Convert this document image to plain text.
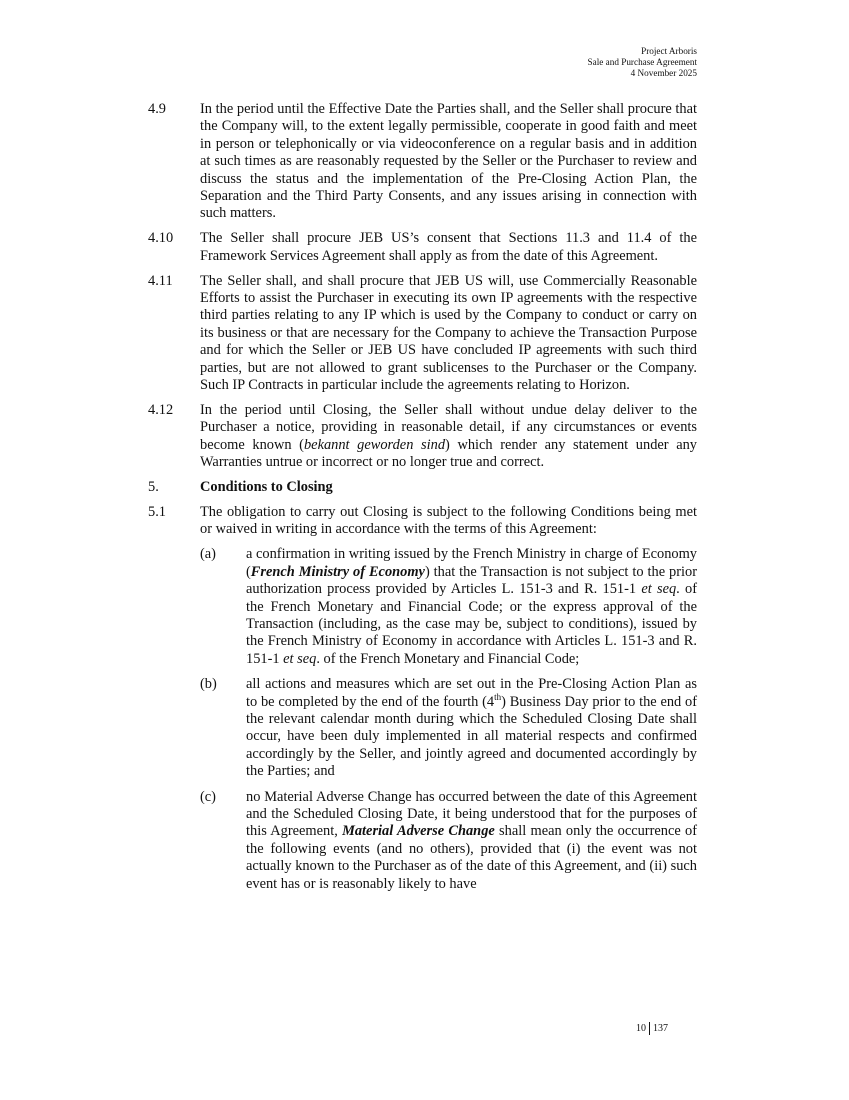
Project Arboris
Sale and Purchase Agreement
4 November 2025
4.9	In the period until the Effective Date the Parties shall, and the Seller shall procure that the Company will, to the extent legally permissible, cooperate in good faith and meet in person or telephonically or via videoconference on a regular basis and in addition at such times as are reasonably requested by the Seller or the Purchaser to review and discuss the status and the implementation of the Pre-Closing Action Plan, the Separation and the Third Party Consents, and any issues arising in connection with such matters.
4.10	The Seller shall procure JEB US’s consent that Sections 11.3 and 11.4 of the Framework Services Agreement shall apply as from the date of this Agreement.
4.11	The Seller shall, and shall procure that JEB US will, use Commercially Reasonable Efforts to assist the Purchaser in executing its own IP agreements with the respective third parties relating to any IP which is used by the Company to conduct or carry on its business or that are necessary for the Company to achieve the Transaction Purpose and for which the Seller or JEB US have concluded IP agreements with such third parties, but are not allowed to grant sublicenses to the Purchaser or the Company. Such IP Contracts in particular include the agreements relating to Horizon.
4.12	In the period until Closing, the Seller shall without undue delay deliver to the Purchaser a notice, providing in reasonable detail, if any circumstances or events become known (bekannt geworden sind) which render any statement under any Warranties untrue or incorrect or no longer true and correct.
5.	Conditions to Closing
5.1	The obligation to carry out Closing is subject to the following Conditions being met or waived in writing in accordance with the terms of this Agreement:
(a)	a confirmation in writing issued by the French Ministry in charge of Economy (French Ministry of Economy) that the Transaction is not subject to the prior authorization process provided by Articles L. 151-3 and R. 151-1 et seq. of the French Monetary and Financial Code; or the express approval of the Transaction (including, as the case may be, subject to conditions), issued by the French Ministry of Economy in accordance with Articles L. 151-3 and R. 151-1 et seq. of the French Monetary and Financial Code;
(b)	all actions and measures which are set out in the Pre-Closing Action Plan as to be completed by the end of the fourth (4th) Business Day prior to the end of the relevant calendar month during which the Scheduled Closing Date shall occur, have been duly implemented in all material respects and confirmed accordingly by the Seller, and jointly agreed and documented accordingly by the Parties; and
(c)	no Material Adverse Change has occurred between the date of this Agreement and the Scheduled Closing Date, it being understood that for the purposes of this Agreement, Material Adverse Change shall mean only the occurrence of the following events (and no others), provided that (i) the event was not actually known to the Purchaser as of the date of this Agreement, and (ii) such event has or is reasonably likely to have
10 137
